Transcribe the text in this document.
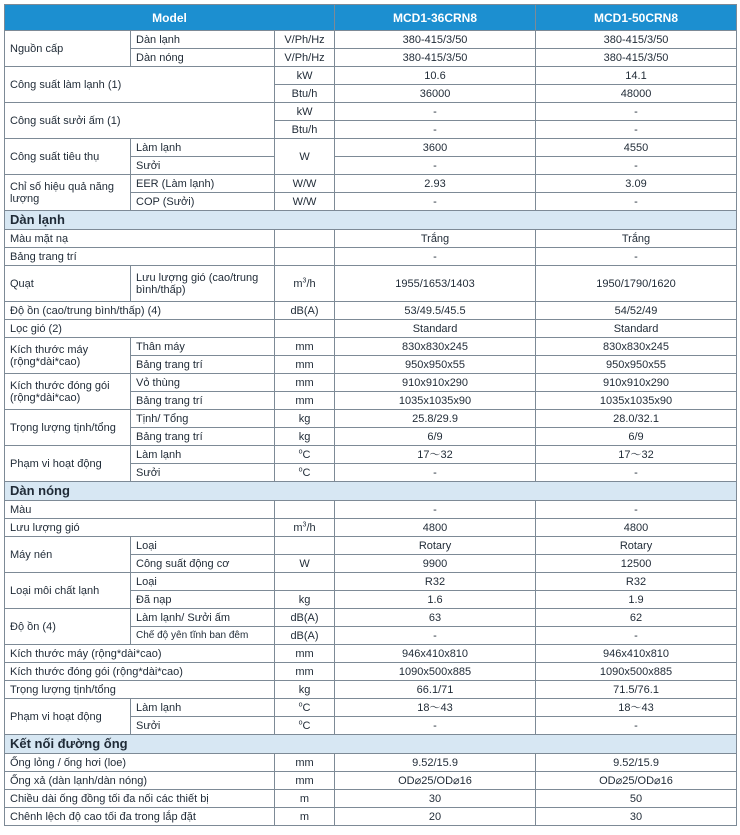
Model			MCD1-36CRN8	MCD1-50CRN8
Nguồn cấp	Dàn lạnh	V/Ph/Hz	380-415/3/50	380-415/3/50
	Dàn nóng	V/Ph/Hz	380-415/3/50	380-415/3/50
Công suất làm lạnh (1)		kW	10.6	14.1
		Btu/h	36000	48000
Công suất sưởi ấm (1)		kW	-	-
		Btu/h	-	-
Công suất tiêu thụ	Làm lạnh	W	3600	4550
	Sưởi		-	-
Chỉ số hiệu quả năng lượng	EER (Làm lạnh)	W/W	2.93	3.09
	COP (Sưởi)	W/W	-	-
Dàn lạnh				
Màu mặt nạ			Trắng	Trắng
Bảng trang trí			-	-
Quạt	Lưu lượng gió (cao/trung bình/thấp)	$m^3/h$	1955/1653/1403	1950/1790/1620
Độ ồn (cao/trung bình/thấp) (4)		dB(A)	53/49.5/45.5	54/52/49
Lọc gió (2)			Standard	Standard
Kích thước máy (rộng*dài*cao)	Thân máy	mm	830x830x245	830x830x245
	Bảng trang trí	mm	950x950x55	950x950x55
Kích thước đóng gói (rộng*dài*cao)	Vỏ thùng	mm	910x910x290	910x910x290
	Bảng trang trí	mm	1035x1035x90	1035x1035x90
Trọng lượng tịnh/tổng	Tịnh/ Tổng	kg	25.8/29.9	28.0/32.1
	Bảng trang trí	kg	6/9	6/9
Phạm vi hoạt động	Làm lạnh	$^o$C	17～32	17～32
	Sưởi	$^o$C	-	-
Dàn nóng				
Màu			-	-
Lưu lượng gió		$m^3/h$	4800	4800
Máy nén	Loại		Rotary	Rotary
	Công suất động cơ	W	9900	12500
Loại môi chất lạnh	Loại		R32	R32
	Đã nạp	kg	1.6	1.9
Độ ồn (4)	Làm lạnh/ Sưởi ấm	dB(A)	63	62
	Chế độ yên tĩnh ban đêm	dB(A)	-	-
Kích thước máy (rộng*dài*cao)		mm	946x410x810	946x410x810
Kích thước đóng gói (rộng*dài*cao)		mm	1090x500x885	1090x500x885
Trọng lượng tịnh/tổng		kg	66.1/71	71.5/76.1
Phạm vi hoạt động	Làm lạnh	$^o$C	18～43	18～43
	Sưởi	$^o$C	-	-
Kết nối đường ống				
Ống lỏng / ống hơi (loe)		mm	9.52/15.9	9.52/15.9
Ống xả (dàn lạnh/dàn nóng)		mm	OD⌀25/OD⌀16	OD⌀25/OD⌀16
Chiều dài ống đồng tối đa nối các thiết bị		m	30	50
Chênh lệch độ cao tối đa trong lắp đặt		m	20	30
